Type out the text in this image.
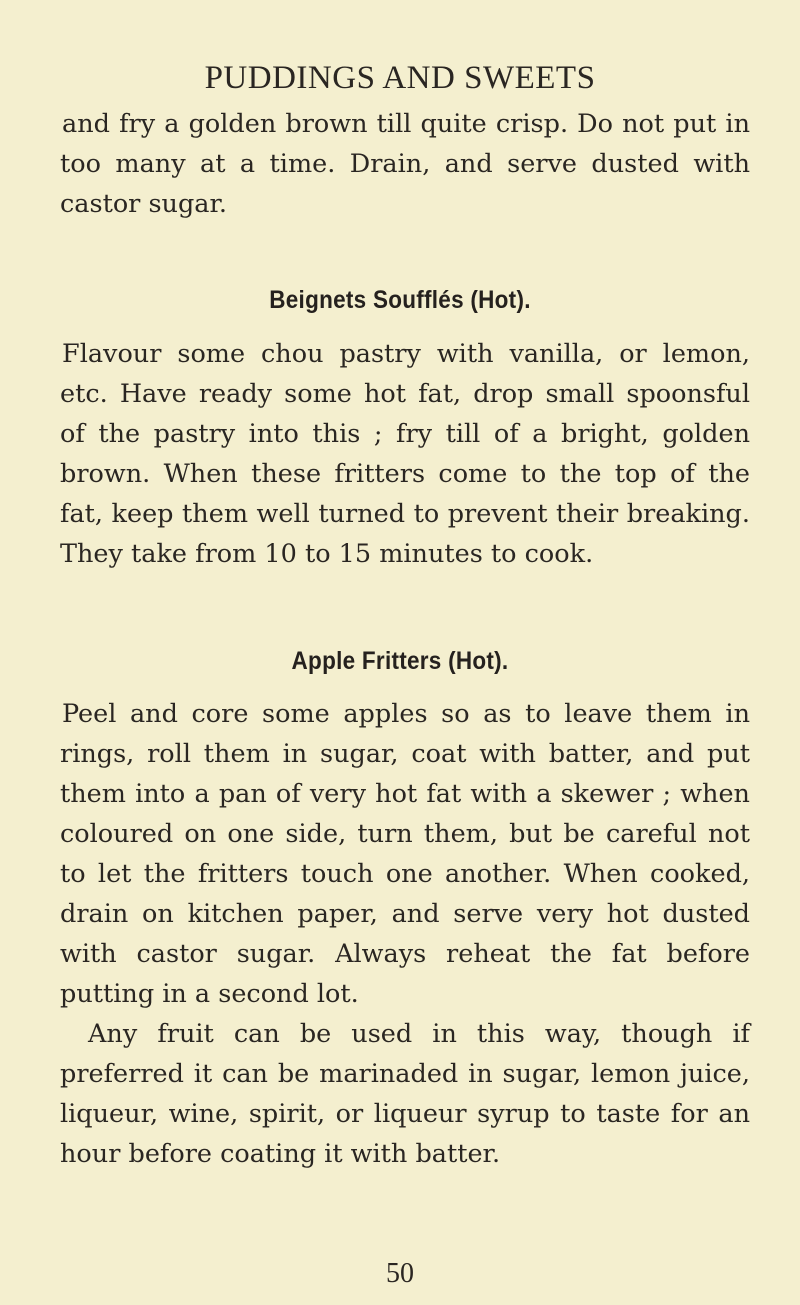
PUDDINGS AND SWEETS

and fry a golden brown till quite crisp. Do not put in too many at a time. Drain, and serve dusted with castor sugar.

Beignets Soufflés (Hot).

Flavour some chou pastry with vanilla, or lemon, etc. Have ready some hot fat, drop small spoonsful of the pastry into this ; fry till of a bright, golden brown. When these fritters come to the top of the fat, keep them well turned to prevent their breaking. They take from 10 to 15 minutes to cook.

Apple Fritters (Hot).

Peel and core some apples so as to leave them in rings, roll them in sugar, coat with batter, and put them into a pan of very hot fat with a skewer ; when coloured on one side, turn them, but be careful not to let the fritters touch one another. When cooked, drain on kitchen paper, and serve very hot dusted with castor sugar. Always reheat the fat before putting in a second lot.

Any fruit can be used in this way, though if preferred it can be marinaded in sugar, lemon juice, liqueur, wine, spirit, or liqueur syrup to taste for an hour before coating it with batter.

50
